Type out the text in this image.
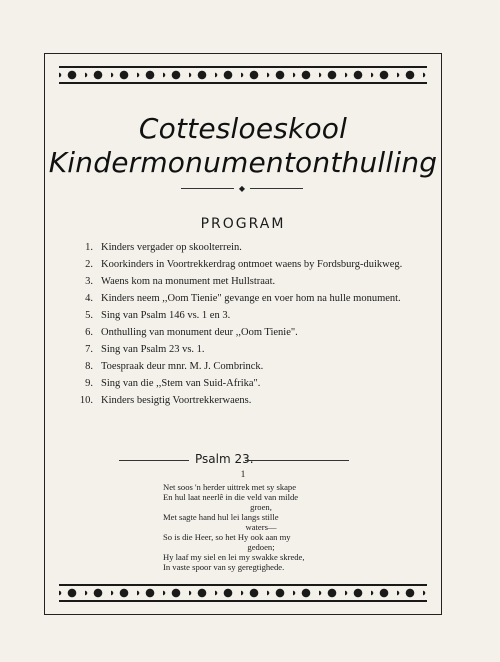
Cottesloeskool
Kindermonumentonthulling
◆
PROGRAM
1. Kinders vergader op skoolterrein.
2. Koorkinders in Voortrekkerdrag ontmoet waens by Fordsburg-duikweg.
3. Waens kom na monument met Hullstraat.
4. Kinders neem ,,Oom Tienie" gevange en voer hom na hulle monument.
5. Sing van Psalm 146 vs. 1 en 3.
6. Onthulling van monument deur ,,Oom Tienie".
7. Sing van Psalm 23 vs. 1.
8. Toespraak deur mnr. M. J. Combrinck.
9. Sing van die ,,Stem van Suid-Afrika".
10. Kinders besigtig Voortrekkerwaens.
Psalm 23.
1
Net soos 'n herder uittrek met sy skape
En hul laat neerlê in die veld van milde
groen,
Met sagte hand hul lei langs stille
waters—
So is die Heer, so het Hy ook aan my
gedoen;
Hy laaf my siel en lei my swakke skrede,
In vaste spoor van sy geregtighede.
